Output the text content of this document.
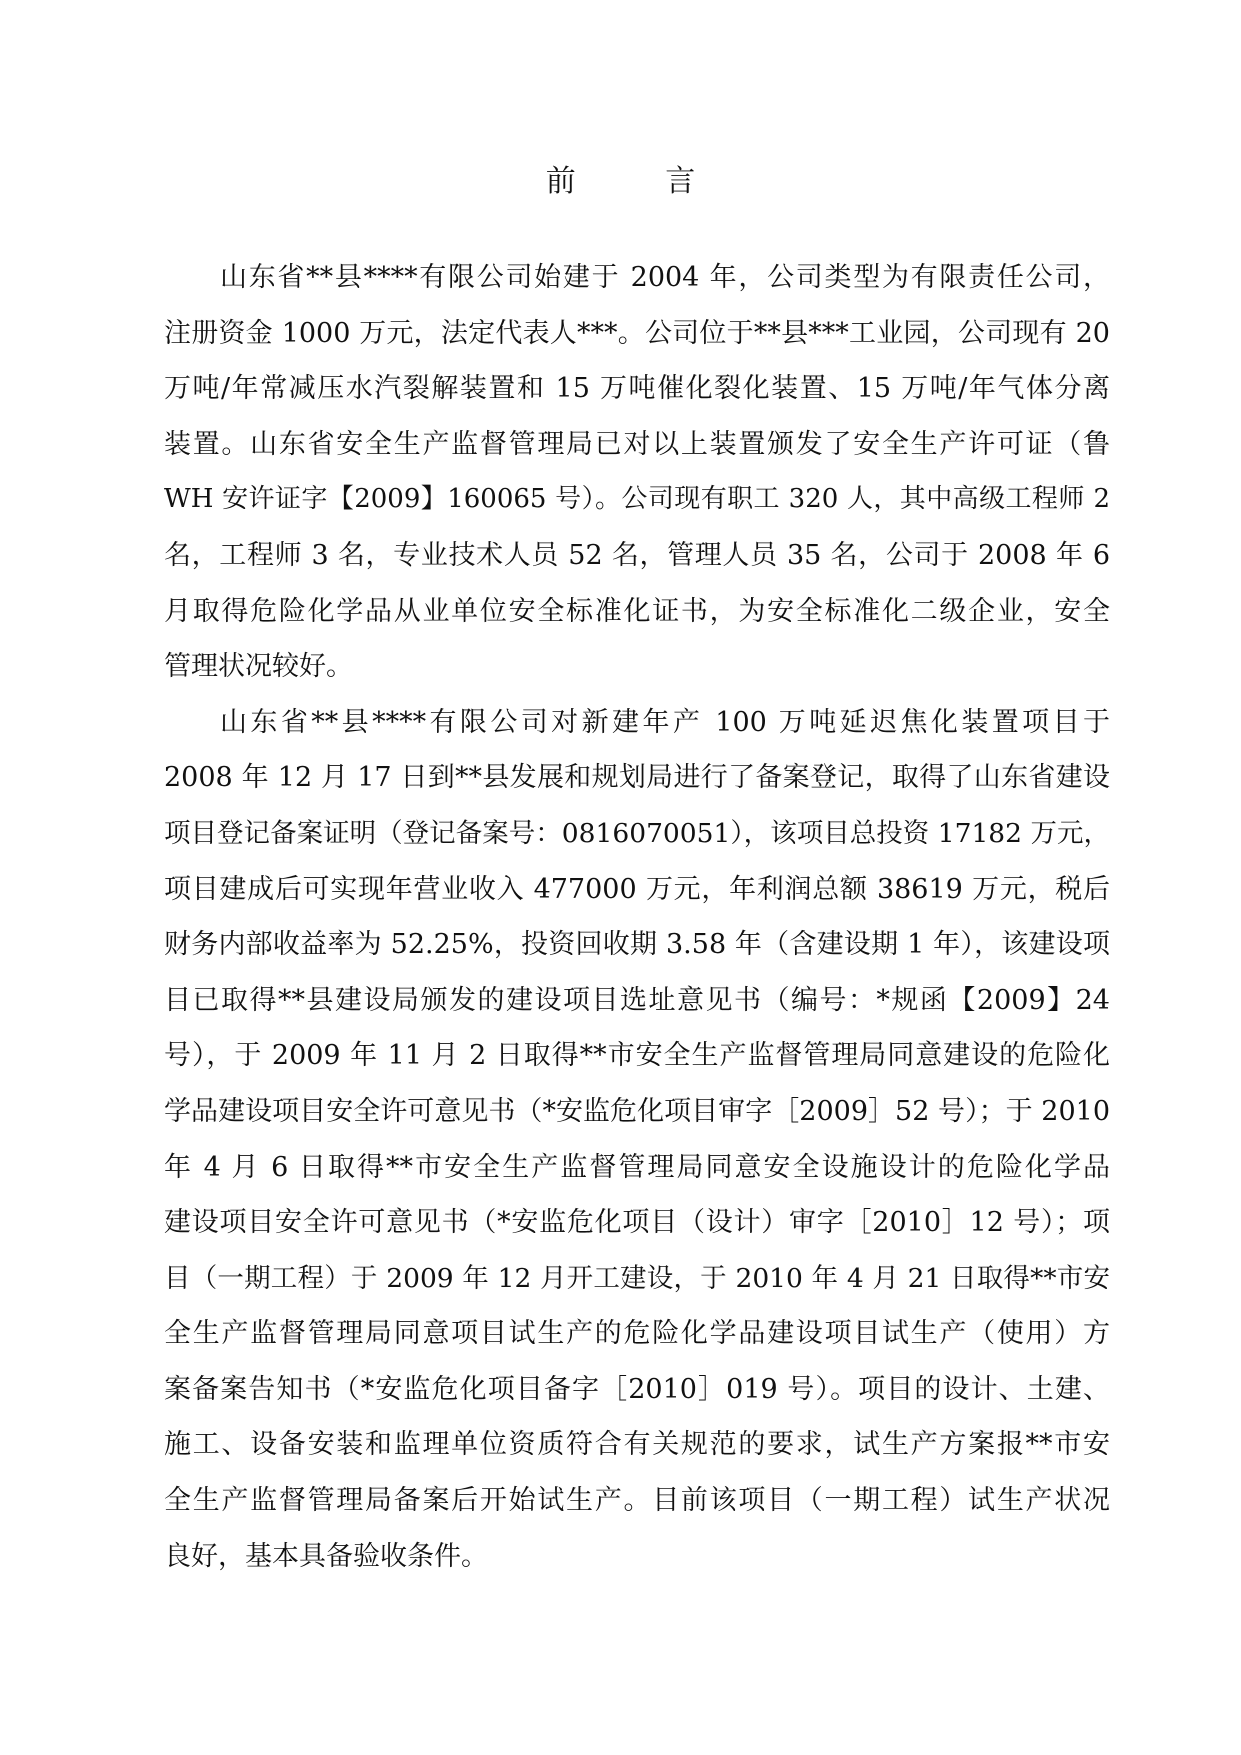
前 言
山东省**县****有限公司始建于 2004 年，公司类型为有限责任公司，
注册资金 1000 万元，法定代表人***。公司位于**县***工业园，公司现有 20
万吨/年常减压水汽裂解装置和 15 万吨催化裂化装置、15 万吨/年气体分离
装置。山东省安全生产监督管理局已对以上装置颁发了安全生产许可证（鲁
WH 安许证字【2009】160065 号）。公司现有职工 320 人，其中高级工程师 2
名，工程师 3 名，专业技术人员 52 名，管理人员 35 名，公司于 2008 年 6
月取得危险化学品从业单位安全标准化证书，为安全标准化二级企业，安全
管理状况较好。
山东省**县****有限公司对新建年产 100 万吨延迟焦化装置项目于
2008 年 12 月 17 日到**县发展和规划局进行了备案登记，取得了山东省建设
项目登记备案证明（登记备案号：0816070051），该项目总投资 17182 万元，
项目建成后可实现年营业收入 477000 万元，年利润总额 38619 万元，税后
财务内部收益率为 52.25%，投资回收期 3.58 年（含建设期 1 年），该建设项
目已取得**县建设局颁发的建设项目选址意见书（编号：*规函【2009】24
号），于 2009 年 11 月 2 日取得**市安全生产监督管理局同意建设的危险化
学品建设项目安全许可意见书（*安监危化项目审字［2009］52 号）；于 2010
年 4 月 6 日取得**市安全生产监督管理局同意安全设施设计的危险化学品
建设项目安全许可意见书（*安监危化项目（设计）审字［2010］12 号）；项
目（一期工程）于 2009 年 12 月开工建设，于 2010 年 4 月 21 日取得**市安
全生产监督管理局同意项目试生产的危险化学品建设项目试生产（使用）方
案备案告知书（*安监危化项目备字［2010］019 号）。项目的设计、土建、
施工、设备安装和监理单位资质符合有关规范的要求，试生产方案报**市安
全生产监督管理局备案后开始试生产。目前该项目（一期工程）试生产状况
良好，基本具备验收条件。
